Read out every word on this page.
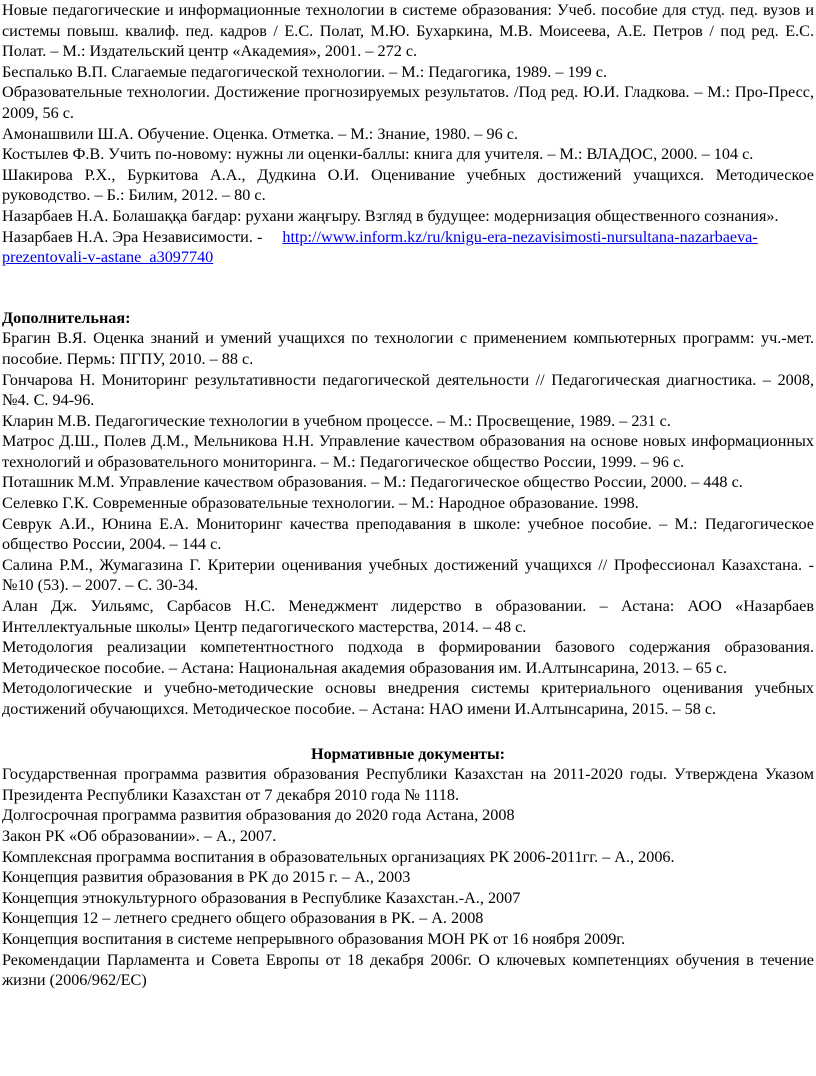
Новые педагогические и информационные технологии в системе образования: Учеб. пособие для студ. пед. вузов и системы повыш. квалиф. пед. кадров / Е.С. Полат, М.Ю. Бухаркина, М.В. Моисеева, А.Е. Петров / под ред. Е.С. Полат. – М.: Издательский центр «Академия», 2001. – 272 с.

Беспалько В.П. Слагаемые педагогической технологии. – М.: Педагогика, 1989. – 199 с.

Образовательные технологии. Достижение прогнозируемых результатов. /Под ред. Ю.И. Гладкова. – М.: Про-Пресс, 2009, 56 с.

Амонашвили Ш.А. Обучение. Оценка. Отметка. – М.: Знание, 1980. – 96 с.

Костылев Ф.В. Учить по-новому: нужны ли оценки-баллы: книга для учителя. – М.: ВЛАДОС, 2000. – 104 с.

Шакирова Р.Х., Буркитова А.А., Дудкина О.И. Оценивание учебных достижений учащихся. Методическое руководство. – Б.: Билим, 2012. – 80 с.

Назарбаев Н.А. Болашаққа бағдар: рухани жаңғыру. Взгляд в будущее: модернизация общественного сознания».

Назарбаев Н.А. Эра Независимости. - http://www.inform.kz/ru/knigu-era-nezavisimosti-nursultana-nazarbaeva-prezentovali-v-astane_a3097740

Дополнительная:

Брагин В.Я. Оценка знаний и умений учащихся по технологии с применением компьютерных программ: уч.-мет. пособие. Пермь: ПГПУ, 2010. – 88 с.

Гончарова Н. Мониторинг результативности педагогической деятельности // Педагогическая диагностика. – 2008, №4. С. 94-96.

Кларин М.В. Педагогические технологии в учебном процессе. – М.: Просвещение, 1989. – 231 с.

Матрос Д.Ш., Полев Д.М., Мельникова Н.Н. Управление качеством образования на основе новых информационных технологий и образовательного мониторинга. – М.: Педагогическое общество России, 1999. – 96 с.

Поташник М.М. Управление качеством образования. – М.: Педагогическое общество России, 2000. – 448 с.

Селевко Г.К. Современные образовательные технологии. – М.: Народное образование. 1998.

Севрук А.И., Юнина Е.А. Мониторинг качества преподавания в школе: учебное пособие. – М.: Педагогическое общество России, 2004. – 144 с.

Салина Р.М., Жумагазина Г. Критерии оценивания учебных достижений учащихся // Профессионал Казахстана. - №10 (53). – 2007. – С. 30-34.

Алан Дж. Уильямс, Сарбасов Н.С. Менеджмент лидерство в образовании. – Астана: АОО «Назарбаев Интеллектуальные школы» Центр педагогического мастерства, 2014. – 48 с.

Методология реализации компетентностного подхода в формировании базового содержания образования. Методическое пособие. – Астана: Национальная академия образования им. И.Алтынсарина, 2013. – 65 с.

Методологические и учебно-методические основы внедрения системы критериального оценивания учебных достижений обучающихся. Методическое пособие. – Астана: НАО имени И.Алтынсарина, 2015. – 58 с.

Нормативные документы:

Государственная программа развития образования Республики Казахстан на 2011-2020 годы. Утверждена Указом Президента Республики Казахстан от 7 декабря 2010 года № 1118.

Долгосрочная программа развития образования до 2020 года Астана, 2008

Закон РК «Об образовании». – А., 2007.

Комплексная программа воспитания в образовательных организациях РК 2006-2011гг. – А., 2006.

Концепция развития образования в РК до 2015 г. – А., 2003

Концепция этнокультурного образования в Республике Казахстан.-А., 2007

Концепция 12 – летнего среднего общего образования в РК. – А. 2008

Концепция воспитания в системе непрерывного образования МОН РК от 16 ноября 2009г.

Рекомендации Парламента и Совета Европы от 18 декабря 2006г. О ключевых компетенциях обучения в течение жизни (2006/962/ЕС)
